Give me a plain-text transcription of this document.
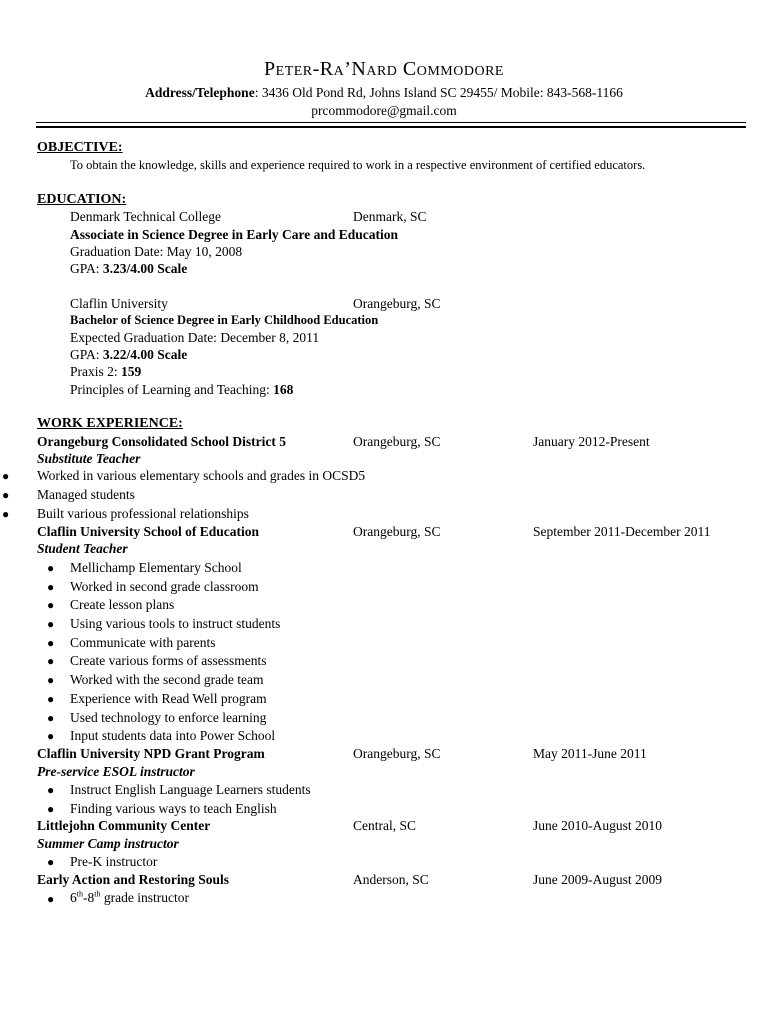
Peter-Ra’Nard Commodore
Address/Telephone: 3436 Old Pond Rd, Johns Island SC 29455/ Mobile: 843-568-1166
prcommodore@gmail.com
OBJECTIVE:
To obtain the knowledge, skills and experience required to work in a respective environment of certified educators.
EDUCATION:
Denmark Technical College	Denmark, SC
Associate in Science Degree in Early Care and Education
Graduation Date: May 10, 2008
GPA: 3.23/4.00 Scale
Claflin University	Orangeburg, SC
Bachelor of Science Degree in Early Childhood Education
Expected Graduation Date: December 8, 2011
GPA: 3.22/4.00 Scale
Praxis 2: 159
Principles of Learning and Teaching: 168
WORK EXPERIENCE:
Orangeburg Consolidated School District 5	Orangeburg, SC	January 2012-Present
Substitute Teacher
● Worked in various elementary schools and grades in OCSD5
● Managed students
● Built various professional relationships
Claflin University School of Education	Orangeburg, SC	September 2011-December 2011
Student Teacher
● Mellichamp Elementary School
● Worked in second grade classroom
● Create lesson plans
● Using various tools to instruct students
● Communicate with parents
● Create various forms of assessments
● Worked with the second grade team
● Experience with Read Well program
● Used technology to enforce learning
● Input students data into Power School
Claflin University NPD Grant Program	Orangeburg, SC	May 2011-June 2011
Pre-service ESOL instructor
● Instruct English Language Learners students
● Finding various ways to teach English
Littlejohn Community Center	Central, SC	June 2010-August 2010
Summer Camp instructor
● Pre-K instructor
Early Action and Restoring Souls	Anderson, SC	June 2009-August 2009
● 6th-8th grade instructor
